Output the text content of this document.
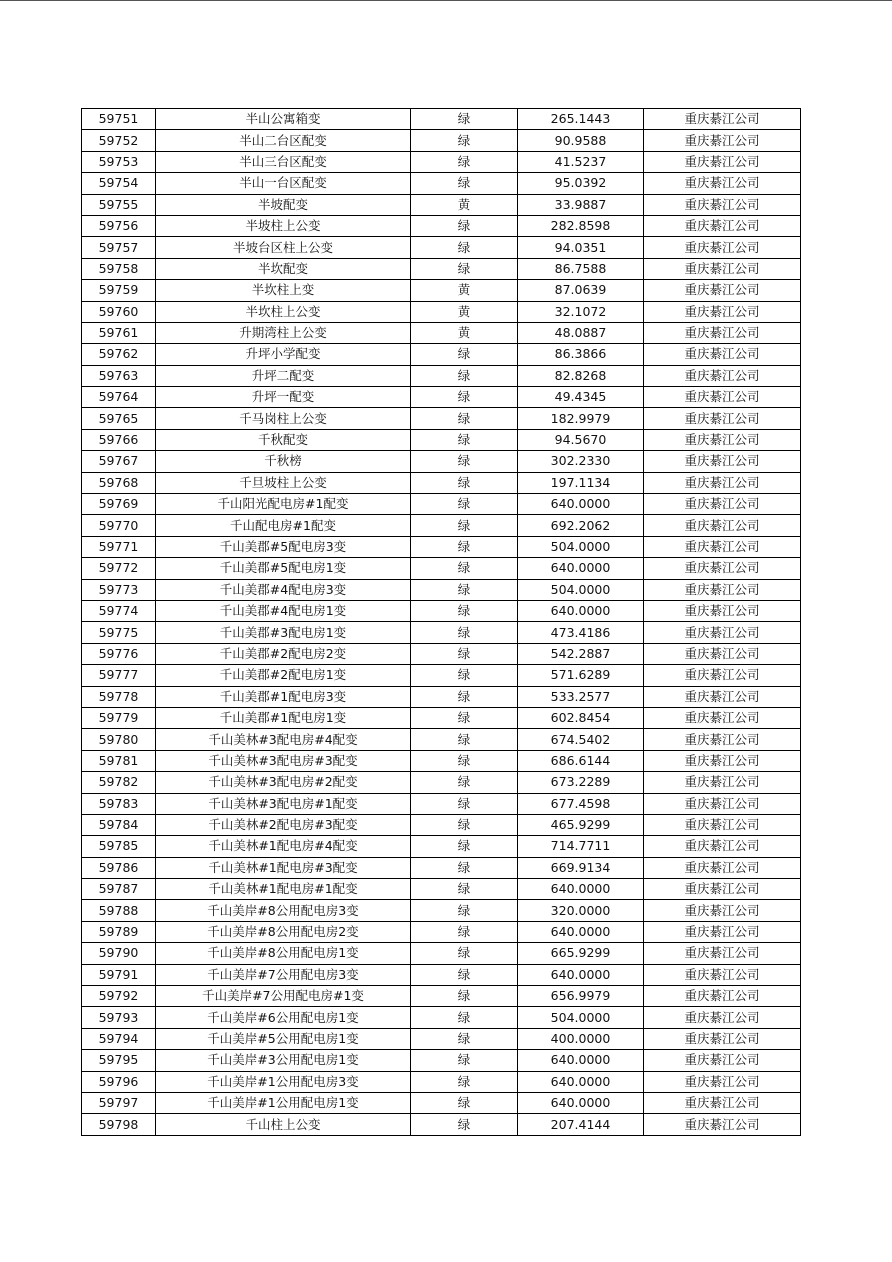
59751	半山公寓箱变	绿	265.1443	重庆綦江公司
59752	半山二台区配变	绿	90.9588	重庆綦江公司
59753	半山三台区配变	绿	41.5237	重庆綦江公司
59754	半山一台区配变	绿	95.0392	重庆綦江公司
59755	半坡配变	黄	33.9887	重庆綦江公司
59756	半坡柱上公变	绿	282.8598	重庆綦江公司
59757	半坡台区柱上公变	绿	94.0351	重庆綦江公司
59758	半坎配变	绿	86.7588	重庆綦江公司
59759	半坎柱上变	黄	87.0639	重庆綦江公司
59760	半坎柱上公变	黄	32.1072	重庆綦江公司
59761	升期湾柱上公变	黄	48.0887	重庆綦江公司
59762	升坪小学配变	绿	86.3866	重庆綦江公司
59763	升坪二配变	绿	82.8268	重庆綦江公司
59764	升坪一配变	绿	49.4345	重庆綦江公司
59765	千马岗柱上公变	绿	182.9979	重庆綦江公司
59766	千秋配变	绿	94.5670	重庆綦江公司
59767	千秋榜	绿	302.2330	重庆綦江公司
59768	千旦坡柱上公变	绿	197.1134	重庆綦江公司
59769	千山阳光配电房#1配变	绿	640.0000	重庆綦江公司
59770	千山配电房#1配变	绿	692.2062	重庆綦江公司
59771	千山美郡#5配电房3变	绿	504.0000	重庆綦江公司
59772	千山美郡#5配电房1变	绿	640.0000	重庆綦江公司
59773	千山美郡#4配电房3变	绿	504.0000	重庆綦江公司
59774	千山美郡#4配电房1变	绿	640.0000	重庆綦江公司
59775	千山美郡#3配电房1变	绿	473.4186	重庆綦江公司
59776	千山美郡#2配电房2变	绿	542.2887	重庆綦江公司
59777	千山美郡#2配电房1变	绿	571.6289	重庆綦江公司
59778	千山美郡#1配电房3变	绿	533.2577	重庆綦江公司
59779	千山美郡#1配电房1变	绿	602.8454	重庆綦江公司
59780	千山美林#3配电房#4配变	绿	674.5402	重庆綦江公司
59781	千山美林#3配电房#3配变	绿	686.6144	重庆綦江公司
59782	千山美林#3配电房#2配变	绿	673.2289	重庆綦江公司
59783	千山美林#3配电房#1配变	绿	677.4598	重庆綦江公司
59784	千山美林#2配电房#3配变	绿	465.9299	重庆綦江公司
59785	千山美林#1配电房#4配变	绿	714.7711	重庆綦江公司
59786	千山美林#1配电房#3配变	绿	669.9134	重庆綦江公司
59787	千山美林#1配电房#1配变	绿	640.0000	重庆綦江公司
59788	千山美岸#8公用配电房3变	绿	320.0000	重庆綦江公司
59789	千山美岸#8公用配电房2变	绿	640.0000	重庆綦江公司
59790	千山美岸#8公用配电房1变	绿	665.9299	重庆綦江公司
59791	千山美岸#7公用配电房3变	绿	640.0000	重庆綦江公司
59792	千山美岸#7公用配电房#1变	绿	656.9979	重庆綦江公司
59793	千山美岸#6公用配电房1变	绿	504.0000	重庆綦江公司
59794	千山美岸#5公用配电房1变	绿	400.0000	重庆綦江公司
59795	千山美岸#3公用配电房1变	绿	640.0000	重庆綦江公司
59796	千山美岸#1公用配电房3变	绿	640.0000	重庆綦江公司
59797	千山美岸#1公用配电房1变	绿	640.0000	重庆綦江公司
59798	千山柱上公变	绿	207.4144	重庆綦江公司
